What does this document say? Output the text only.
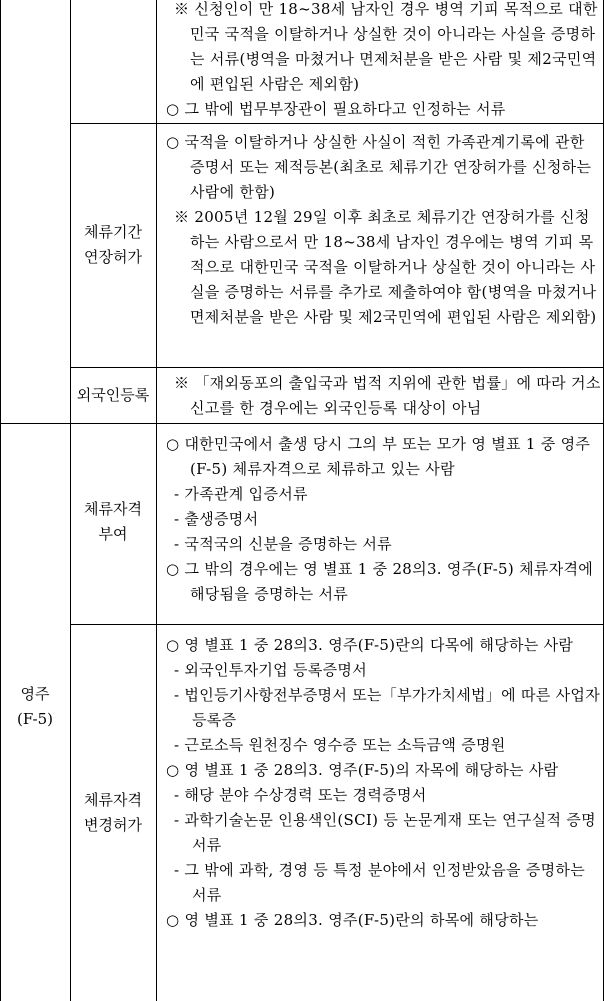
영주
(F-5)
체류기간
연장허가
외국인등록
체류자격
부여
체류자격
변경허가

※ 신청인이 만 18~38세 남자인 경우 병역 기피 목적으로 대한민국 국적을 이탈하거나 상실한 것이 아니라는 사실을 증명하는 서류(병역을 마쳤거나 면제처분을 받은 사람 및 제2국민역에 편입된 사람은 제외함)

○ 그 밖에 법무부장관이 필요하다고 인정하는 서류

○ 국적을 이탈하거나 상실한 사실이 적힌 가족관계기록에 관한 증명서 또는 제적등본(최초로 체류기간 연장허가를 신청하는 사람에 한함)

※ 2005년 12월 29일 이후 최초로 체류기간 연장허가를 신청하는 사람으로서 만 18~38세 남자인 경우에는 병역 기피 목적으로 대한민국 국적을 이탈하거나 상실한 것이 아니라는 사실을 증명하는 서류를 추가로 제출하여야 함(병역을 마쳤거나 면제처분을 받은 사람 및 제2국민역에 편입된 사람은 제외함)

※ 「재외동포의 출입국과 법적 지위에 관한 법률」에 따라 거소신고를 한 경우에는 외국인등록 대상이 아님

○ 대한민국에서 출생 당시 그의 부 또는 모가 영 별표 1 중 영주(F-5) 체류자격으로 체류하고 있는 사람

- 가족관계 입증서류

- 출생증명서

- 국적국의 신분을 증명하는 서류

○ 그 밖의 경우에는 영 별표 1 중 28의3. 영주(F-5) 체류자격에 해당됨을 증명하는 서류

○ 영 별표 1 중 28의3. 영주(F-5)란의 다목에 해당하는 사람

- 외국인투자기업 등록증명서

- 법인등기사항전부증명서 또는「부가가치세법」에 따른 사업자등록증

- 근로소득 원천징수 영수증 또는 소득금액 증명원

○ 영 별표 1 중 28의3. 영주(F-5)의 자목에 해당하는 사람

- 해당 분야 수상경력 또는 경력증명서

- 과학기술논문 인용색인(SCI) 등 논문게재 또는 연구실적 증명서류

- 그 밖에 과학, 경영 등 특정 분야에서 인정받았음을 증명하는 서류

○ 영 별표 1 중 28의3. 영주(F-5)란의 하목에 해당하는
